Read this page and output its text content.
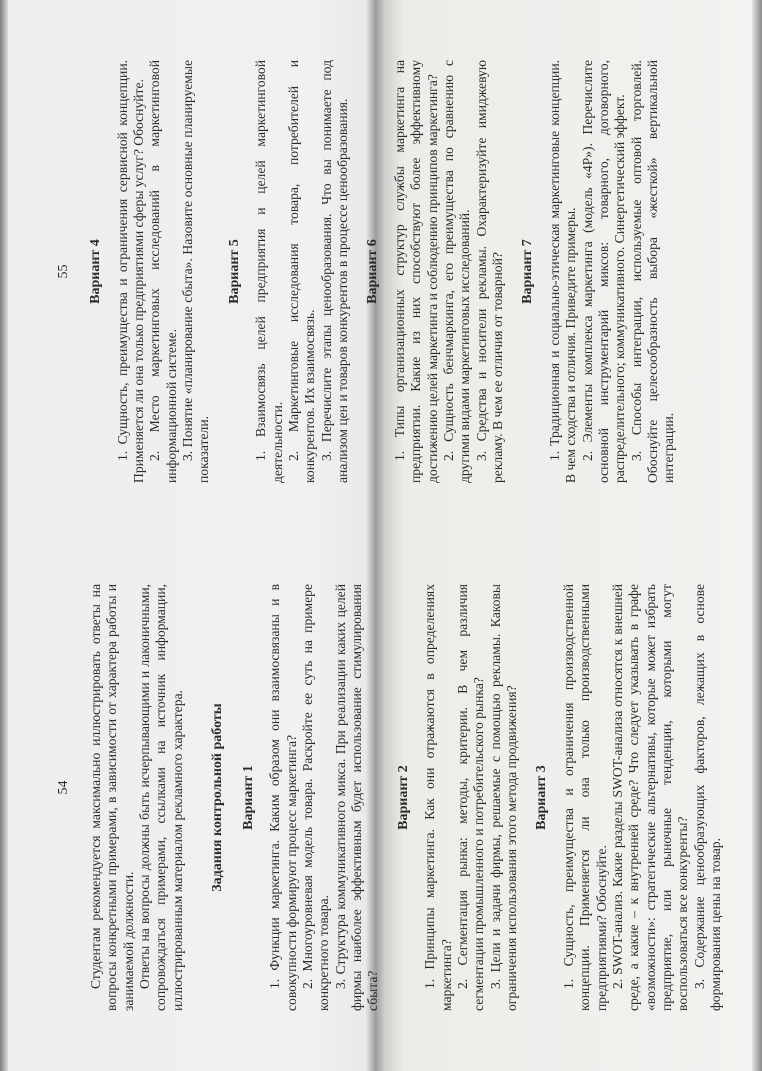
54 Студентам рекомендуется максимально иллюстрировать ответы на вопросы конкретными примерами, в зависимости от характера работы и занимаемой должности. Ответы на вопросы должны быть исчерпывающими и лаконичными, сопровождаться примерами, ссылками на источник информации, иллюстрированным материалом рекламного характера. Задания контрольной работы Вариант 1 1. Функции маркетинга. Каким образом они взаимосвязаны и в совокупности формируют процесс маркетинга? 2. Многоуровневая модель товара. Раскройте ее суть на примере конкретного товара. 3. Структура коммуникативного микса. При реализации каких целей фирмы наиболее эффективным будет использование стимулирования сбыта?

Вариант 2 1. Принципы маркетинга. Как они отражаются в определениях маркетинга? 2. Сегментация рынка: методы, критерии. В чем различия сегментации промышленного и потребительского рынка? 3. Цели и задачи фирмы, решаемые с помощью рекламы. Каковы ограничения использования этого метода продвижения? Вариант 3 1. Сущность, преимущества и ограничения производственной концепции. Применяется ли она только производственными предприятиями? Обоснуйте. 2. SWOT-анализ. Какие разделы SWOT-анализа относятся к внешней среде, а какие – к внутренней среде? Что следует указывать в графе «возможности»: стратегические альтернативы, которые может избрать предприятие, или рыночные тенденции, которыми могут воспользоваться все конкуренты? 3. Содержание ценообразующих факторов, лежащих в основе формирования цены на товар.

55 Вариант 4 1. Сущность, преимущества и ограничения сервисной концепции. Применяется ли она только предприятиями сферы услуг? Обоснуйте. 2. Место маркетинговых исследований в маркетинговой информационной системе. 3. Понятие «планирование сбыта». Назовите основные планируемые показатели.

Вариант 5 1. Взаимосвязь целей предприятия и целей маркетинговой деятельности. 2. Маркетинговые исследования товара, потребителей и конкурентов. Их взаимосвязь. 3. Перечислите этапы ценообразования. Что вы понимаете под анализом цен и товаров конкурентов в процессе ценообразования. Вариант 6 1. Типы организационных структур службы маркетинга на предприятии. Какие из них способствуют более эффективному достижению целей маркетинга и соблюдению принципов маркетинга? 2. Сущность бенчмаркинга, его преимущества по сравнению с другими видами маркетинговых исследований. 3. Средства и носители рекламы. Охарактеризуйте имиджевую рекламу. В чем ее отличия от товарной? Вариант 7 1. Традиционная и социально-этическая маркетинговые концепции. В чем сходства и отличия. Приведите примеры. 2. Элементы комплекса маркетинга (модель «4P»). Перечислите основной инструментарий миксов: товарного, договорного, распределительного; коммуникативного. Синергетический эффект. 3. Способы интеграции, используемые оптовой торговлей. Обоснуйте целесообразность выбора «жесткой» вертикальной интеграции.
